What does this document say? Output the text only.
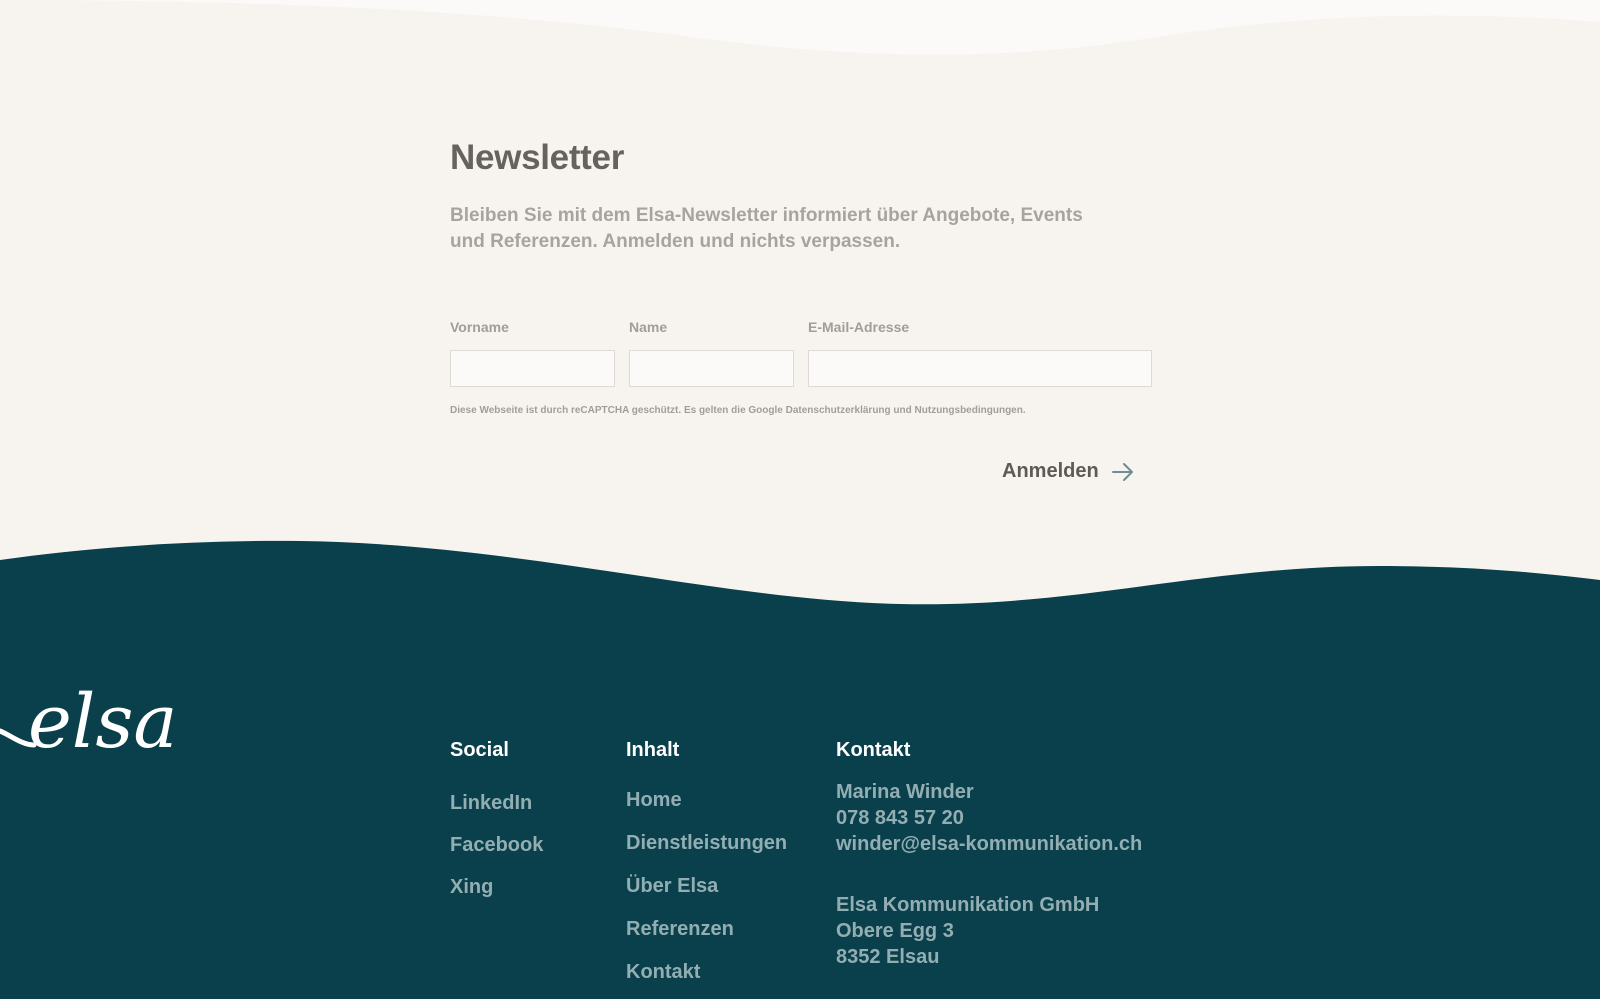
Newsletter

Bleiben Sie mit dem Elsa-Newsletter informiert über Angebote, Events und Referenzen. Anmelden und nichts verpassen.

Vorname	Name	E-Mail-Adresse
Diese Webseite ist durch reCAPTCHA geschützt. Es gelten die Google Datenschutzerklärung und Nutzungsbedingungen.
Anmelden
elsa	Social
LinkedIn
Facebook
Xing
Inhalt
Home
Dienstleistungen
Über Elsa
Referenzen
Kontakt
Kontakt
Marina Winder
078 843 57 20
winder@elsa-kommunikation.ch
Elsa Kommunikation GmbH
Obere Egg 3
8352 Elsau
